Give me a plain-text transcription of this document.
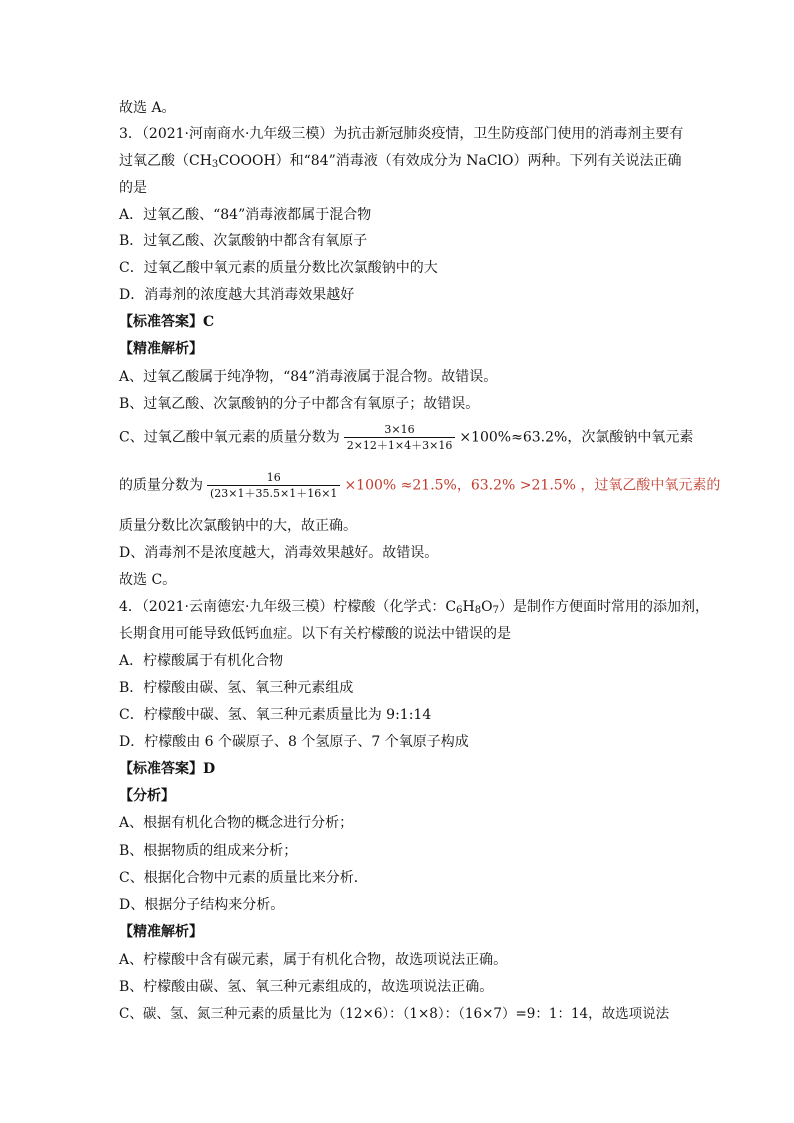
故选 A。
3．（2021·河南商水·九年级三模）为抗击新冠肺炎疫情，卫生防疫部门使用的消毒剂主要有
过氧乙酸$(CH_3COOOH)$和“84”消毒液（有效成分为 NaClO）两种。下列有关说法正确
的是
A．过氧乙酸、“84”消毒液都属于混合物
B．过氧乙酸、次氯酸钠中都含有氧原子
C．过氧乙酸中氧元素的质量分数比次氯酸钠中的大
D．消毒剂的浓度越大其消毒效果越好
【标准答案】C
【精准解析】
A、过氧乙酸属于纯净物，“84”消毒液属于混合物。故错误。
B、过氧乙酸、次氯酸钠的分子中都含有氧原子；故错误。
C、过氧乙酸中氧元素的质量分数为 $\frac{3\times 16}{2\times 12+1\times 4+3\times 16} \times 100\%\approx 63.2\%$，次氯酸钠中氧元素
的质量分数为 $\frac{16}{(23\times 1+35.5\times 1+16\times 1} \times 100\% \approx 21.5\%$，63.2% >21.5% ，过氧乙酸中氧元素的
质量分数比次氯酸钠中的大，故正确。
D、消毒剂不是浓度越大，消毒效果越好。故错误。
故选 C。
4．（2021·云南德宏·九年级三模）柠檬酸（化学式：$C_6H_8O_7$）是制作方便面时常用的添加剂，
长期食用可能导致低钙血症。以下有关柠檬酸的说法中错误的是
A．柠檬酸属于有机化合物
B．柠檬酸由碳、氢、氧三种元素组成
C．柠檬酸中碳、氢、氧三种元素质量比为 9:1:14
D．柠檬酸由 6 个碳原子、8 个氢原子、7 个氧原子构成
【标准答案】D
【分析】
A、根据有机化合物的概念进行分析；
B、根据物质的组成来分析；
C、根据化合物中元素的质量比来分析．
D、根据分子结构来分析。
【精准解析】
A、柠檬酸中含有碳元素，属于有机化合物，故选项说法正确。
B、柠檬酸由碳、氢、氧三种元素组成的，故选项说法正确。
C、碳、氢、氮三种元素的质量比为（12×6）：（1×8）：（16×7）=9：1：14，故选项说法
